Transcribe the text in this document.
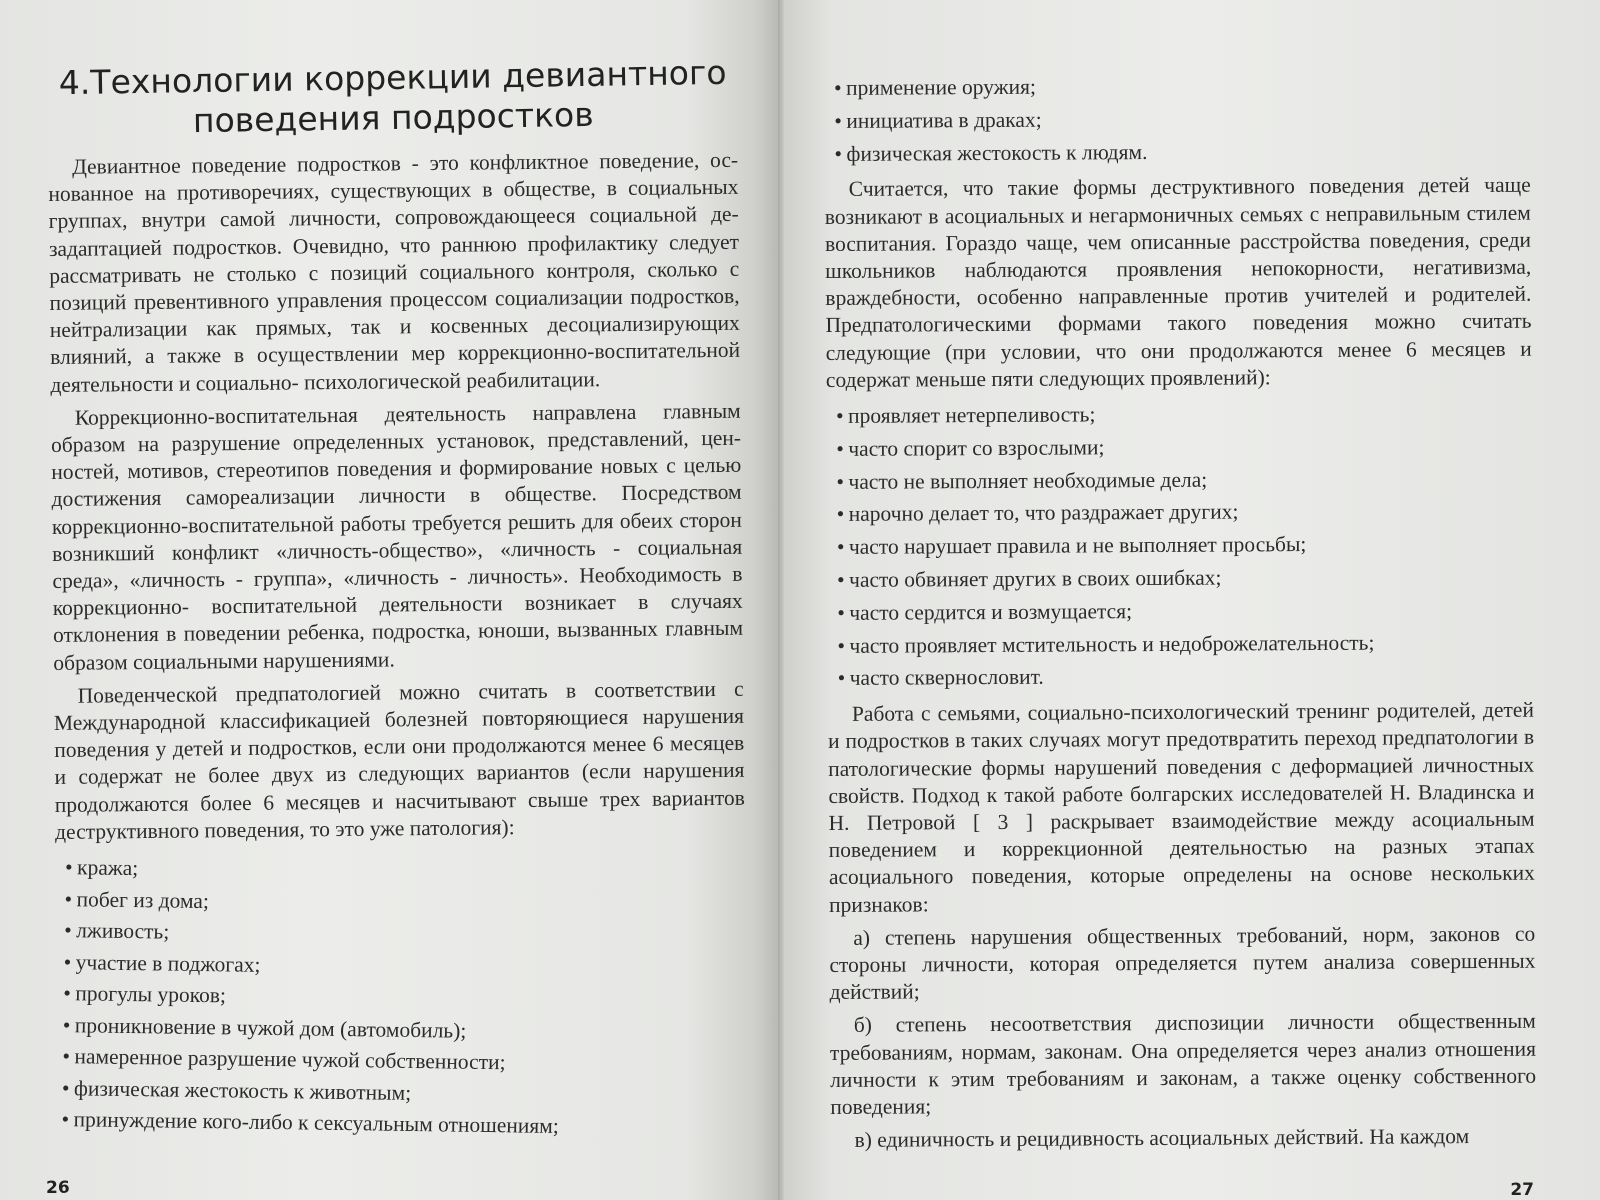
4.Технологии коррекции девиантного
поведения подростков

Девиантное поведение подростков - это конфликтное поведение, основанное на противоречиях, существующих в обществе, в социальных группах, внутри самой личности, сопровождающееся социальной дезадаптацией подростков. Очевидно, что раннюю профилактику следует рассматривать не столько с позиций социального контроля, сколько с позиций превентивного управления процессом социализации подростков, нейтрализации как прямых, так и косвенных десоциализирующих влияний, а также в осуществлении мер коррекционно-воспитательной деятельности и социально- психологической реабилитации.

Коррекционно-воспитательная деятельность направлена главным образом на разрушение определенных установок, представлений, ценностей, мотивов, стереотипов поведения и формирование новых с целью достижения самореализации личности в обществе. Посредством коррекционно-воспитательной работы требуется решить для обеих сторон возникший конфликт «личность-общество», «личность - социальная среда», «личность - группа», «личность - личность». Необходимость в коррекционно- воспитательной деятельности возникает в случаях отклонения в поведении ребенка, подростка, юноши, вызванных главным образом социальными нарушениями.

Поведенческой предпатологией можно считать в соответствии с Международной классификацией болезней повторяющиеся нарушения поведения у детей и подростков, если они продолжаются менее 6 месяцев и содержат не более двух из следующих вариантов (если нарушения продолжаются более 6 месяцев и насчитывают свыше трех вариантов деструктивного поведения, то это уже патология):

• кража;
• побег из дома;
• лживость;
• участие в поджогах;
• прогулы уроков;
• проникновение в чужой дом (автомобиль);
• намеренное разрушение чужой собственности;
• физическая жестокость к животным;
• принуждение кого-либо к сексуальным отношениям;
26
• применение оружия;
• инициатива в драках;
• физическая жестокость к людям.

Считается, что такие формы деструктивного поведения детей чаще возникают в асоциальных и негармоничных семьях с неправильным стилем воспитания. Гораздо чаще, чем описанные расстройства поведения, среди школьников наблюдаются проявления непокорности, негативизма, враждебности, особенно направленные против учителей и родителей. Предпатологическими формами такого поведения можно считать следующие (при условии, что они продолжаются менее 6 месяцев и содержат меньше пяти следующих проявлений):

• проявляет нетерпеливость;
• часто спорит со взрослыми;
• часто не выполняет необходимые дела;
• нарочно делает то, что раздражает других;
• часто нарушает правила и не выполняет просьбы;
• часто обвиняет других в своих ошибках;
• часто сердится и возмущается;
• часто проявляет мстительность и недоброжелательность;
• часто сквернословит.

Работа с семьями, социально-психологический тренинг родителей, детей и подростков в таких случаях могут предотвратить переход предпатологии в патологические формы нарушений поведения с деформацией личностных свойств. Подход к такой работе болгарских исследователей Н. Владинска и Н. Петровой [ 3 ] раскрывает взаимодействие между асоциальным поведением и коррекционной деятельностью на разных этапах асоциального поведения, которые определены на основе нескольких признаков:

а) степень нарушения общественных требований, норм, законов со стороны личности, которая определяется путем анализа совершенных действий;

б) степень несоответствия диспозиции личности общественным требованиям, нормам, законам. Она определяется через анализ отношения личности к этим требованиям и законам, а также оценку собственного поведения;

в) единичность и рецидивность асоциальных действий. На каждом

27
